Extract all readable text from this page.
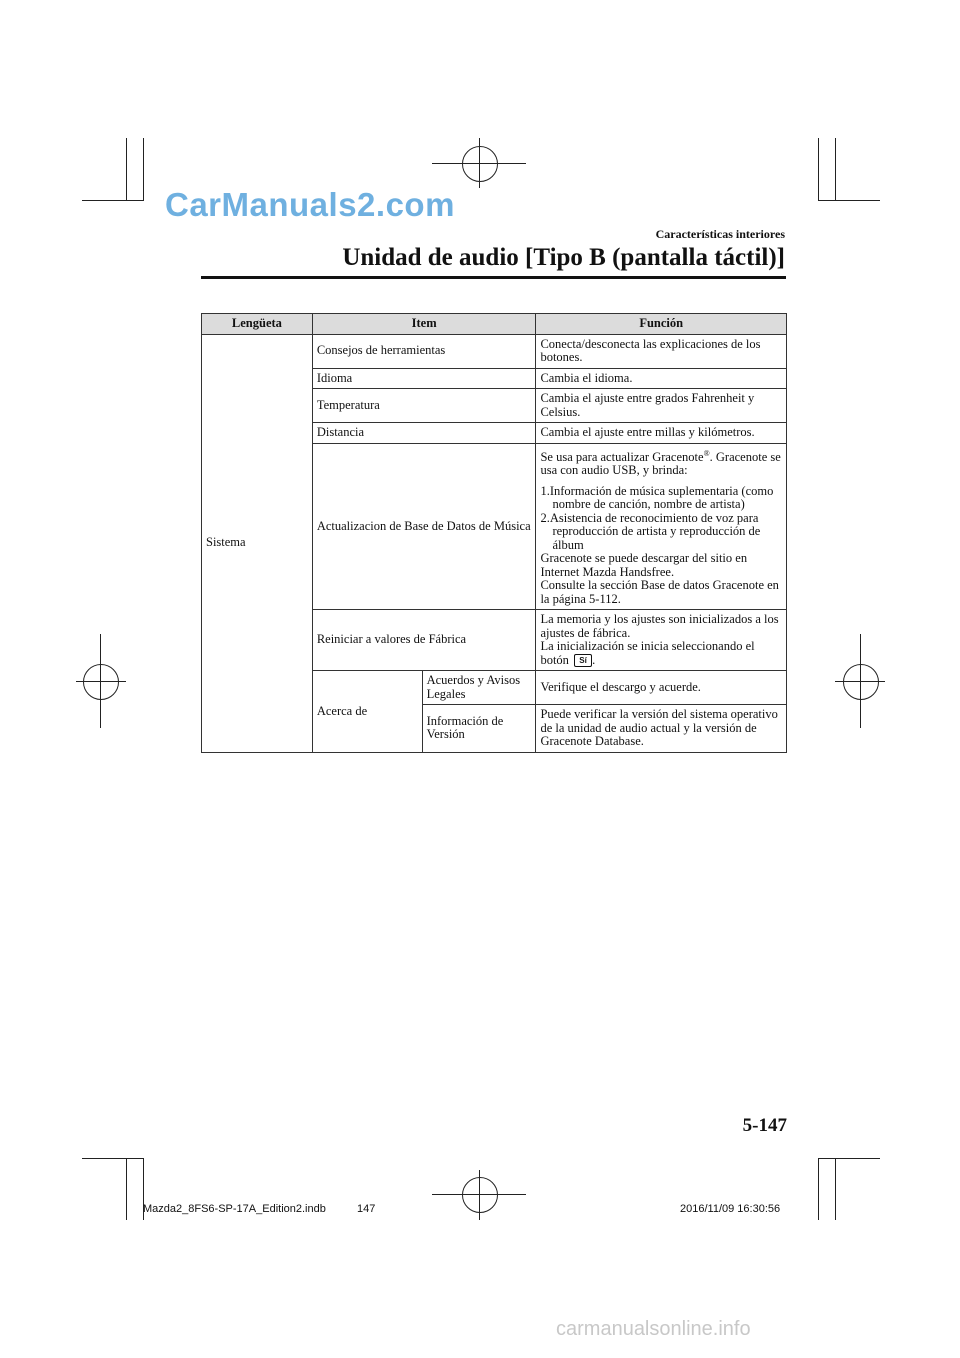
CarManuals2.com
Características interiores
Unidad de audio [Tipo B (pantalla táctil)]
Lengüeta	Item		Función
Sistema	Consejos de herramientas		Conecta/desconecta las explicaciones de los botones.
	Idioma		Cambia el idioma.
	Temperatura		Cambia el ajuste entre grados Fahrenheit y Celsius.
	Distancia		Cambia el ajuste entre millas y kilómetros.
	Actualizacion de Base de Datos de Música		Se usa para actualizar Gracenote®. Gracenote se usa con audio USB, y brinda:
1.Información de música suplementaria (como nombre de canción, nombre de artista)
2.Asistencia de reconocimiento de voz para reproducción de artista y reproducción de álbum
Gracenote se puede descargar del sitio en Internet Mazda Handsfree.
Consulte la sección Base de datos Gracenote en la página 5-112.

	Reiniciar a valores de Fábrica		La memoria y los ajustes son inicializados a los ajustes de fábrica.
La inicialización se inicia seleccionando el botón Sí .
	Acerca de	Acuerdos y Avisos Legales	Verifique el descargo y acuerde.
		Información de Versión	Puede verificar la versión del sistema operativo de la unidad de audio actual y la versión de Gracenote Database.
5-147
Mazda2_8FS6-SP-17A_Edition2.indb	147	2016/11/09 16:30:56
carmanualsonline.info
